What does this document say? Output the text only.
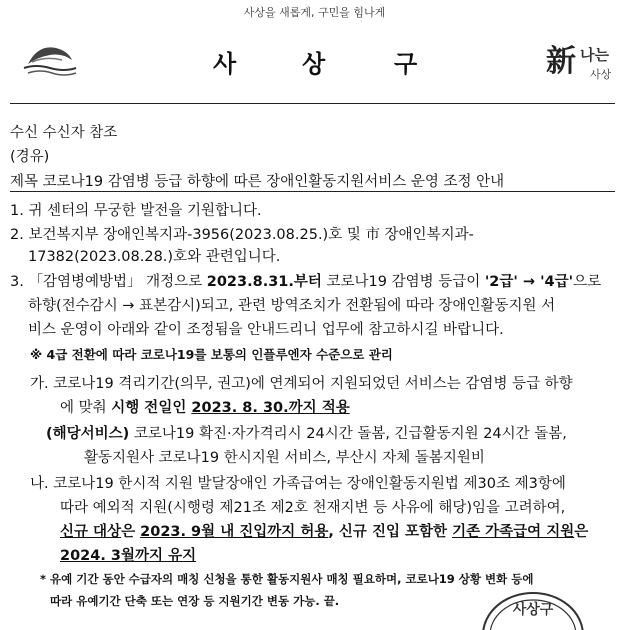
사상을 새롭게, 구민을 힘나게
사	상	구	新 나는
사상
수신 수신자 참조
(경유)
제목 코로나19 감염병 등급 하향에 따른 장애인활동지원서비스 운영 조정 안내
1. 귀 센터의 무궁한 발전을 기원합니다.
2. 보건복지부 장애인복지과-3956(2023.08.25.)호 및 市 장애인복지과-
17382(2023.08.28.)호와 관련입니다.
3. 「감염병예방법」 개정으로 2023.8.31.부터 코로나19 감염병 등급이 '2급' → '4급'으로
하향(전수감시 → 표본감시)되고, 관련 방역조치가 전환됨에 따라 장애인활동지원 서
비스 운영이 아래와 같이 조정됨을 안내드리니 업무에 참고하시길 바랍니다.
※ 4급 전환에 따라 코로나19를 보통의 인플루엔자 수준으로 관리
가. 코로나19 격리기간(의무, 권고)에 연계되어 지원되었던 서비스는 감염병 등급 하향
에 맞춰 시행 전일인 2023. 8. 30.까지 적용
(해당서비스) 코로나19 확진·자가격리시 24시간 돌봄, 긴급활동지원 24시간 돌봄,
활동지원사 코로나19 한시지원 서비스, 부산시 자체 돌봄지원비
나. 코로나19 한시적 지원 발달장애인 가족급여는 장애인활동지원법 제30조 제3항에
따라 예외적 지원(시행령 제21조 제2호 천재지변 등 사유에 해당)임을 고려하여,
신규 대상은 2023. 9월 내 진입까지 허용, 신규 진입 포함한 기존 가족급여 지원은
2024. 3월까지 유지
* 유예 기간 동안 수급자의 매칭 신청을 통한 활동지원사 매칭 필요하며, 코로나19 상황 변화 등에
따라 유예기간 단축 또는 연장 등 지원기간 변동 가능. 끝.
사상구
